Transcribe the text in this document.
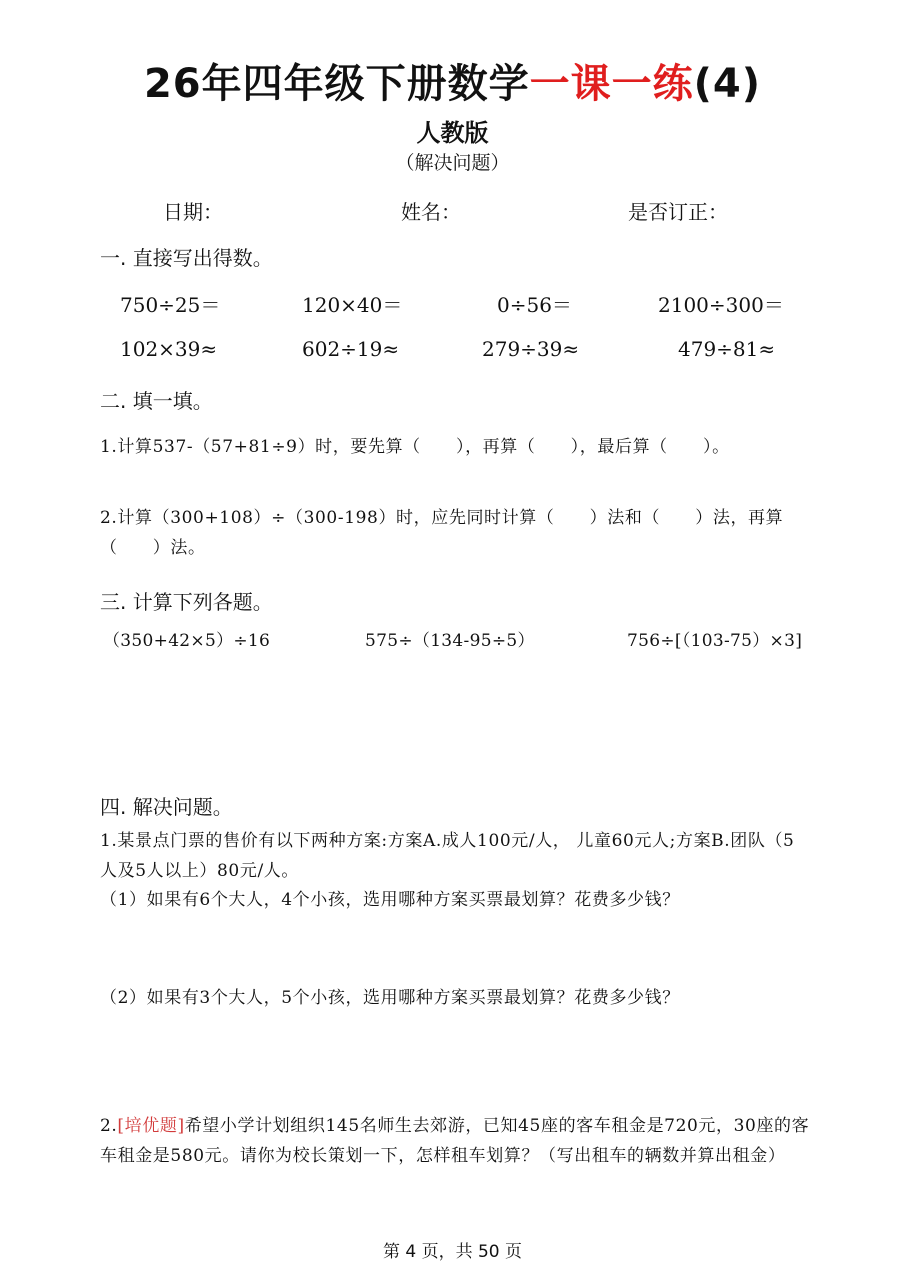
26年四年级下册数学一课一练(4)
人教版
（解决问题）
日期：	姓名：	是否订正：
一. 直接写出得数。
750÷25＝	120×40＝	0÷56＝	2100÷300＝
102×39≈	602÷19≈	279÷39≈	479÷81≈
二. 填一填。
1.计算537-（57+81÷9）时，要先算（　　），再算（　　），最后算（　　）。
2.计算（300+108）÷（300-198）时，应先同时计算（　　）法和（　　）法，再算（　　）法。
三. 计算下列各题。
（350+42×5）÷16	575÷（134-95÷5）	756÷[（103-75）×3]
四. 解决问题。
1.某景点门票的售价有以下两种方案:方案A.成人100元/人， 儿童60元人;方案B.团队（5人及5人以上）80元/人。
（1）如果有6个大人，4个小孩，选用哪种方案买票最划算？花费多少钱？
（2）如果有3个大人，5个小孩，选用哪种方案买票最划算？花费多少钱？
2.[培优题]希望小学计划组织145名师生去郊游，已知45座的客车租金是720元，30座的客车租金是580元。请你为校长策划一下，怎样租车划算？（写出租车的辆数并算出租金）
第 4 页，共 50 页
